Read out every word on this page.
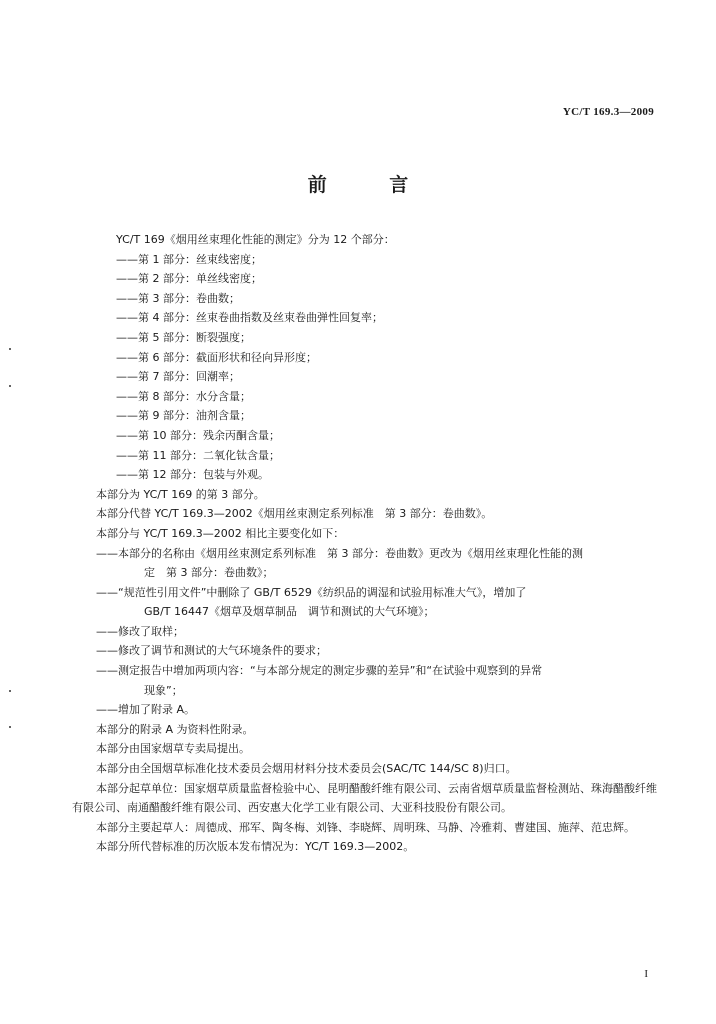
YC/T 169.3—2009
前 言

YC/T 169《烟用丝束理化性能的测定》分为 12 个部分：

——第 1 部分：丝束线密度；

——第 2 部分：单丝线密度；

——第 3 部分：卷曲数；

——第 4 部分：丝束卷曲指数及丝束卷曲弹性回复率；

——第 5 部分：断裂强度；

——第 6 部分：截面形状和径向异形度；

——第 7 部分：回潮率；

——第 8 部分：水分含量；

——第 9 部分：油剂含量；

——第 10 部分：残余丙酮含量；

——第 11 部分：二氧化钛含量；

——第 12 部分：包装与外观。

本部分为 YC/T 169 的第 3 部分。

本部分代替 YC/T 169.3—2002《烟用丝束测定系列标准　第 3 部分：卷曲数》。

本部分与 YC/T 169.3—2002 相比主要变化如下：

——本部分的名称由《烟用丝束测定系列标准　第 3 部分：卷曲数》更改为《烟用丝束理化性能的测

定　第 3 部分：卷曲数》；

——“规范性引用文件”中删除了 GB/T 6529《纺织品的调湿和试验用标准大气》，增加了

GB/T 16447《烟草及烟草制品　调节和测试的大气环境》；

——修改了取样；

——修改了调节和测试的大气环境条件的要求；

——测定报告中增加两项内容：“与本部分规定的测定步骤的差异”和“在试验中观察到的异常

现象”；

——增加了附录 A。

本部分的附录 A 为资料性附录。

本部分由国家烟草专卖局提出。

本部分由全国烟草标准化技术委员会烟用材料分技术委员会(SAC/TC 144/SC 8)归口。

本部分起草单位：国家烟草质量监督检验中心、昆明醋酸纤维有限公司、云南省烟草质量监督检测站、珠海醋酸纤维有限公司、南通醋酸纤维有限公司、西安惠大化学工业有限公司、大亚科技股份有限公司。

本部分主要起草人：周德成、邢军、陶冬梅、刘锋、李晓辉、周明珠、马静、冷雅莉、曹建国、施萍、范忠辉。

本部分所代替标准的历次版本发布情况为：YC/T 169.3—2002。

I
